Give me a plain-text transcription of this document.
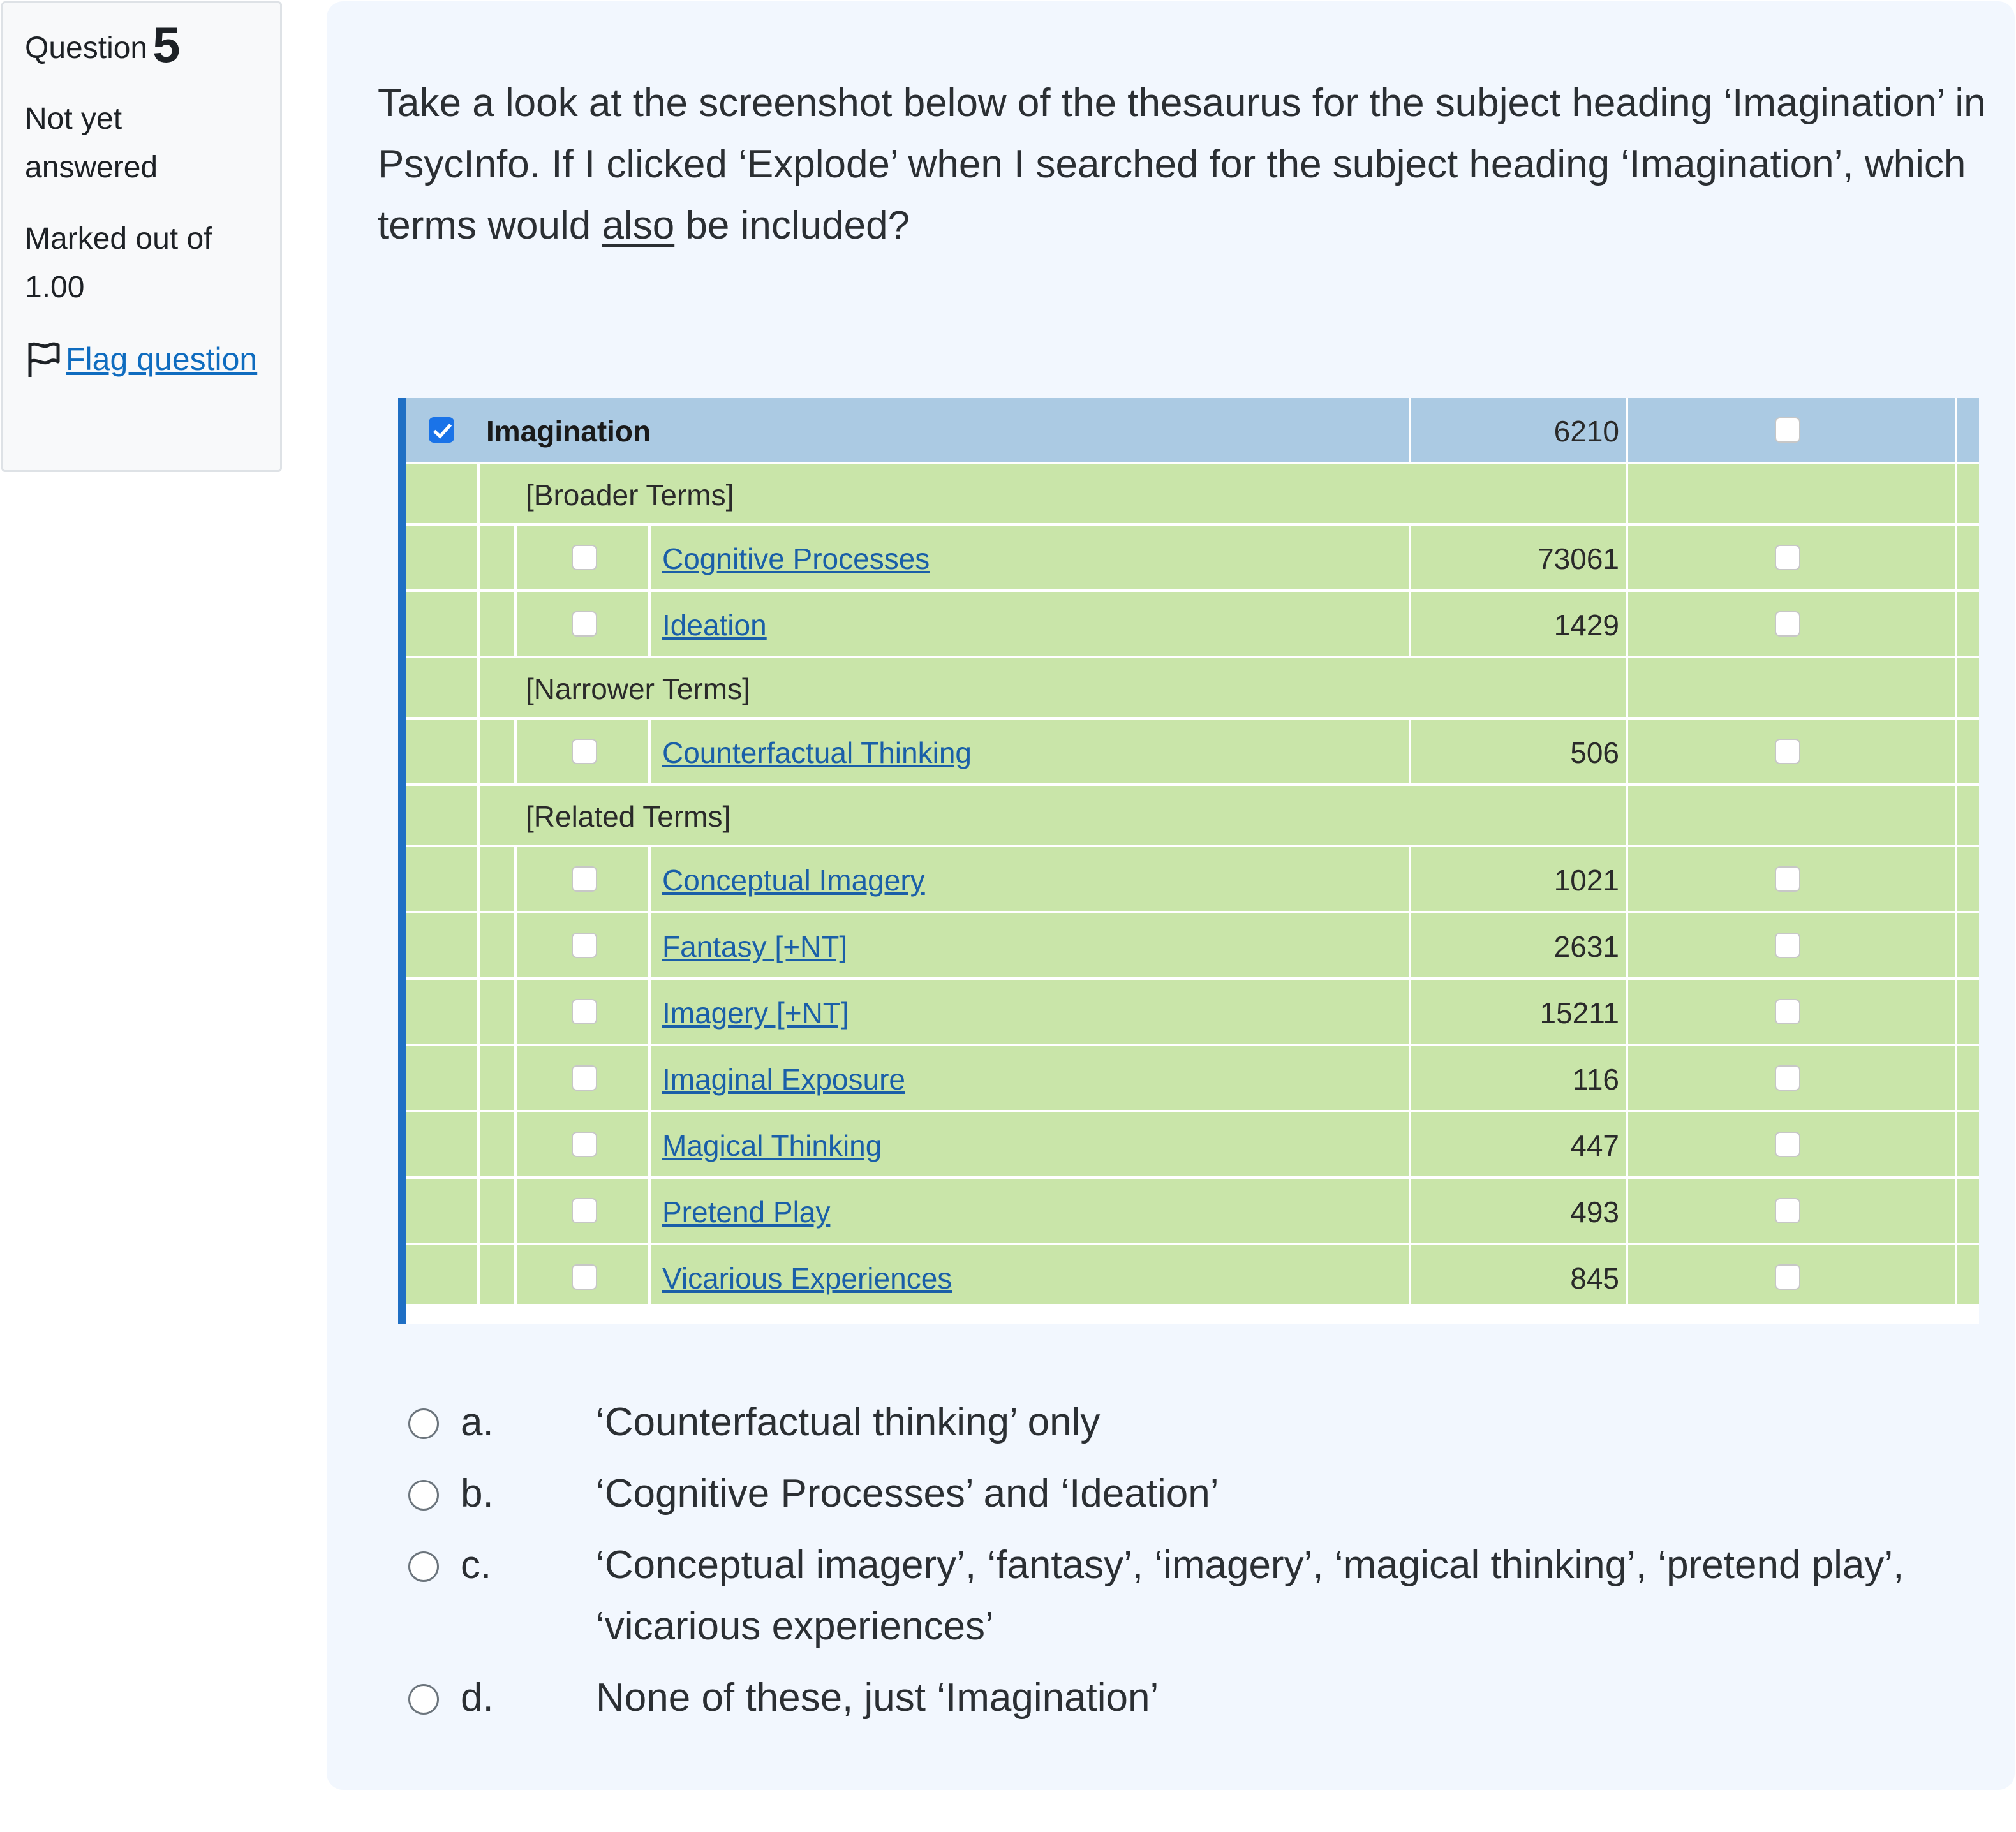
Question 5
Not yet answered
Marked out of 1.00
Flag question
Take a look at the screenshot below of the thesaurus for the subject heading ‘Imagination’ in PsycInfo. If I clicked ‘Explode’ when I searched for the subject heading ‘Imagination’, which terms would also be included?
Imagination	6210
[Broader Terms]
Cognitive Processes	73061
Ideation	1429
[Narrower Terms]
Counterfactual Thinking	506
[Related Terms]
Conceptual Imagery	1021
Fantasy [+NT]	2631
Imagery [+NT]	15211
Imaginal Exposure	116
Magical Thinking	447
Pretend Play	493
Vicarious Experiences	845
a.	‘Counterfactual thinking’ only
b.	‘Cognitive Processes’ and ‘Ideation’
c.	‘Conceptual imagery’, ‘fantasy’, ‘imagery’, ‘magical thinking’, ‘pretend play’, ‘vicarious experiences’
d.	None of these, just ‘Imagination’
